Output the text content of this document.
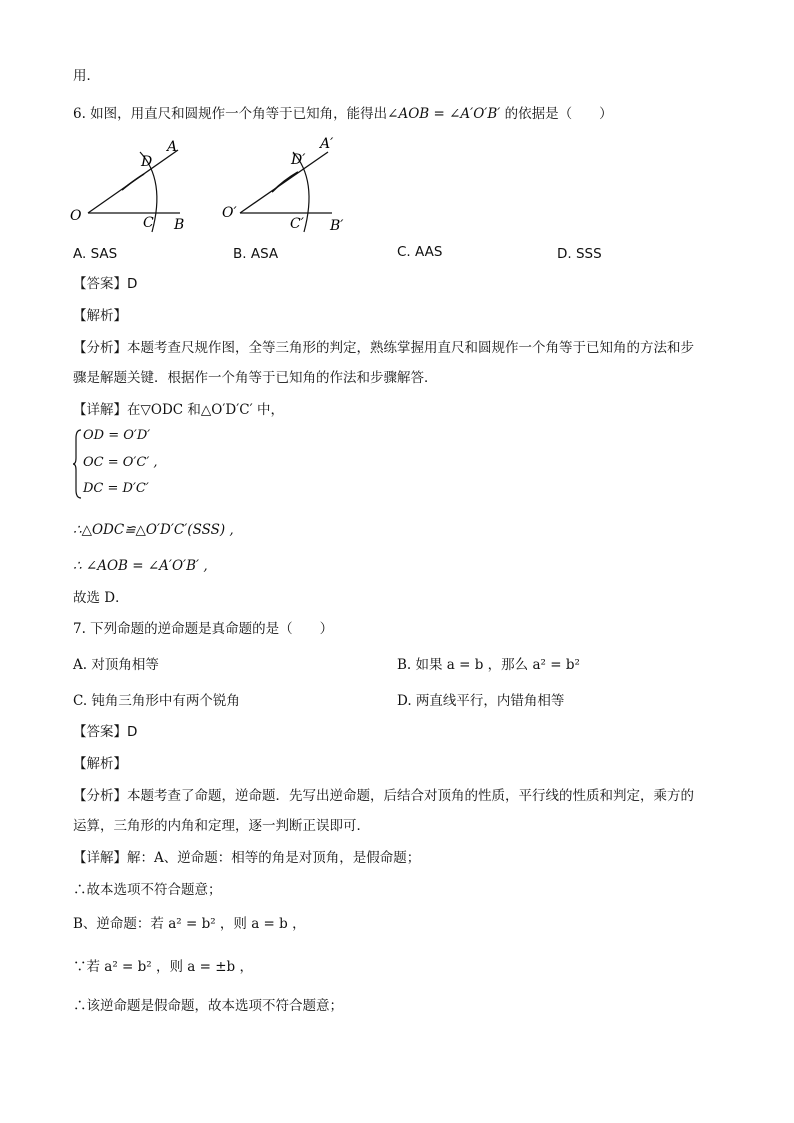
用．
6. 如图，用直尺和圆规作一个角等于已知角，能得出∠AOB = ∠A′O′B′ 的依据是（　　）
O
A
B
C
D
O′
A′
B′
C′
D′
A. SAS	B. ASA	C. AAS	D. SSS
【答案】D
【解析】
【分析】本题考查尺规作图，全等三角形的判定，熟练掌握用直尺和圆规作一个角等于已知角的方法和步
骤是解题关键．根据作一个角等于已知角的作法和步骤解答．
【详解】在▽ODC 和△O′D′C′ 中，
OD = O′D′
OC = O′C′ ,
DC = D′C′
∴△ODC≌△O′D′C′(SSS) ,
∴ ∠AOB = ∠A′O′B′ ,
故选 D．
7. 下列命题的逆命题是真命题的是（　　）
A. 对顶角相等	B. 如果 a = b ，那么 a² = b²
C. 钝角三角形中有两个锐角	D. 两直线平行，内错角相等
【答案】D
【解析】
【分析】本题考查了命题，逆命题．先写出逆命题，后结合对顶角的性质，平行线的性质和判定，乘方的
运算，三角形的内角和定理，逐一判断正误即可．
【详解】解：A、逆命题：相等的角是对顶角，是假命题；
∴故本选项不符合题意；
B、逆命题：若 a² = b² ，则 a = b ，
∵若 a² = b² ，则 a = ±b ，
∴该逆命题是假命题，故本选项不符合题意；
